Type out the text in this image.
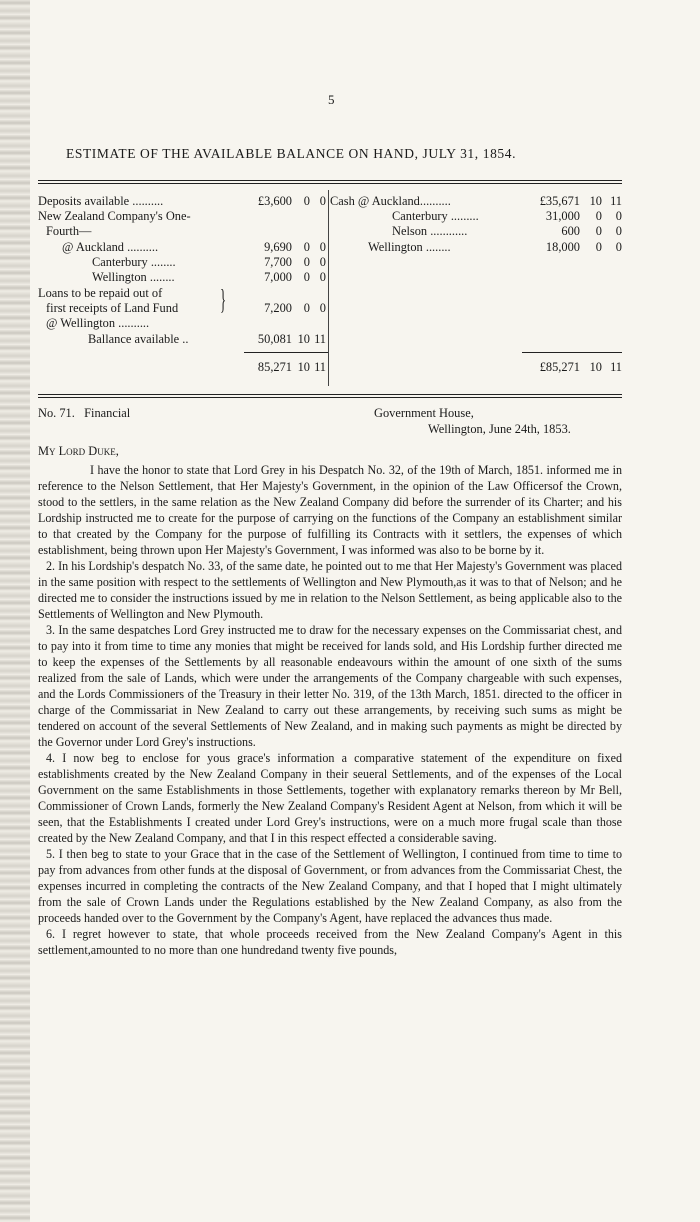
5
ESTIMATE OF THE AVAILABLE BALANCE ON HAND, JULY 31, 1854.
Deposits available ..........	£3,600 0 0
New Zealand Company's One-
Fourth—
@ Auckland ..........	9,690 0 0
Canterbury ........	7,700 0 0
Wellington ........	7,000 0 0
Loans to be repaid out of
first receipts of Land Fund	7,200 0 0
@ Wellington ..........
}
Ballance available ..	50,081 10 11
Cash @ Auckland..........	£35,671 10 11
Canterbury .........	31,000	0	0
Nelson ............	600	0	0
Wellington ........	18,000	0	0
85,271 10 11	£85,271 10 11
No. 71. Financial	Government House,
Wellington, June 24th, 1853.
My Lord Duke,

I have the honor to state that Lord Grey in his Despatch No. 32, of the 19th of March, 1851. informed me in reference to the Nelson Settlement, that Her Majesty's Government, in the opinion of the Law Officersof the Crown, stood to the settlers, in the same relation as the New Zealand Company did before the surrender of its Charter; and his Lordship instructed me to create for the purpose of carrying on the functions of the Company an establishment similar to that created by the Company for the purpose of fulfilling its Contracts with it settlers, the expenses of which establishment, being thrown upon Her Majesty's Government, I was informed was also to be borne by it.

2. In his Lordship's despatch No. 33, of the same date, he pointed out to me that Her Majesty's Government was placed in the same position with respect to the settlements of Wellington and New Plymouth,as it was to that of Nelson; and he directed me to consider the instructions issued by me in relation to the Nelson Settlement, as being applicable also to the Settlements of Wellington and New Plymouth.

3. In the same despatches Lord Grey instructed me to draw for the necessary expenses on the Commissariat chest, and to pay into it from time to time any monies that might be received for lands sold, and His Lordship further directed me to keep the expenses of the Settlements by all reasonable endeavours within the amount of one sixth of the sums realized from the sale of Lands, which were under the arrangements of the Company chargeable with such expenses, and the Lords Commissioners of the Treasury in their letter No. 319, of the 13th March, 1851. directed to the officer in charge of the Commissariat in New Zealand to carry out these arrangements, by receiving such sums as might be tendered on account of the several Settlements of New Zealand, and in making such payments as might be directed by the Governor under Lord Grey's instructions.

4. I now beg to enclose for yous grace's information a comparative statement of the expenditure on fixed establishments created by the New Zealand Company in their seueral Settlements, and of the expenses of the Local Government on the same Establishments in those Settlements, together with explanatory remarks thereon by Mr Bell, Commissioner of Crown Lands, formerly the New Zealand Company's Resident Agent at Nelson, from which it will be seen, that the Establishments I created under Lord Grey's instructions, were on a much more frugal scale than those created by the New Zealand Company, and that I in this respect effected a considerable saving.

5. I then beg to state to your Grace that in the case of the Settlement of Wellington, I continued from time to time to pay from advances from other funds at the disposal of Government, or from advances from the Commissariat Chest, the expenses incurred in completing the contracts of the New Zealand Company, and that I hoped that I might ultimately from the sale of Crown Lands under the Regulations established by the New Zealand Company, as also from the proceeds handed over to the Government by the Company's Agent, have replaced the advances thus made.

6. I regret however to state, that whole proceeds received from the New Zealand Company's Agent in this settlement,amounted to no more than one hundredand twenty five pounds,
